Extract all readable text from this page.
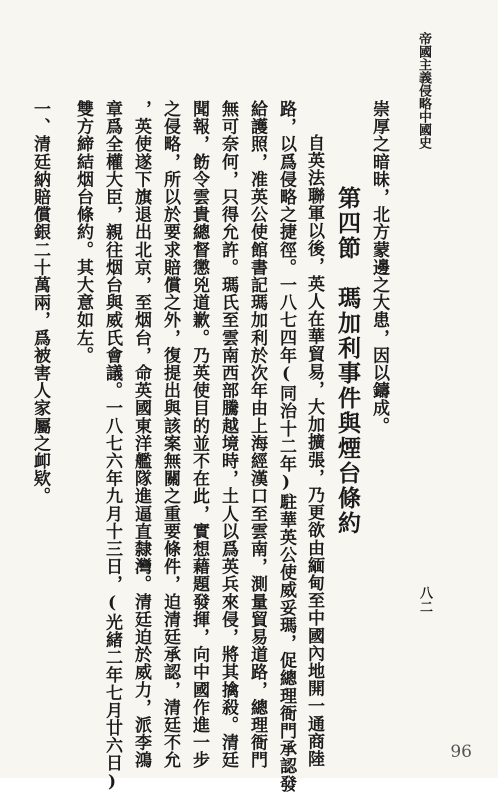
帝國主義侵略中國史
八二
崇厚之暗昧，北方蒙邊之大患，因以鑄成。
第四節　瑪加利事件與煙台條約
自英法聯軍以後，英人在華貿易，大加擴張，乃更欲由緬甸至中國內地開一通商陸
路，以爲侵略之捷徑。一八七四年(同治十二年)駐華英公使威妥瑪，促總理衙門承認發
給護照，准英公使館書記瑪加利於次年由上海經漢口至雲南，測量貿易道路，總理衙門
無可奈何，只得允許。瑪氏至雲南西部騰越境時，土人以爲英兵來侵，將其擒殺。清廷
聞報，飭令雲貴總督懲兇道歉。乃英使目的並不在此，實想藉題發揮，向中國作進一步
之侵略，所以於要求賠償之外，復提出與該案無關之重要條件，迫清廷承認，清廷不允
，英使遂下旗退出北京，至烟台，命英國東洋艦隊進逼直隸灣。清廷迫於威力，派李鴻
章爲全權大臣，親往烟台與威氏會議。一八七六年九月十三日，(光緒二年七月廿六日)
雙方締結烟台條約。其大意如左。
一、清廷納賠償銀二十萬兩，爲被害人家屬之卹欵。
96
